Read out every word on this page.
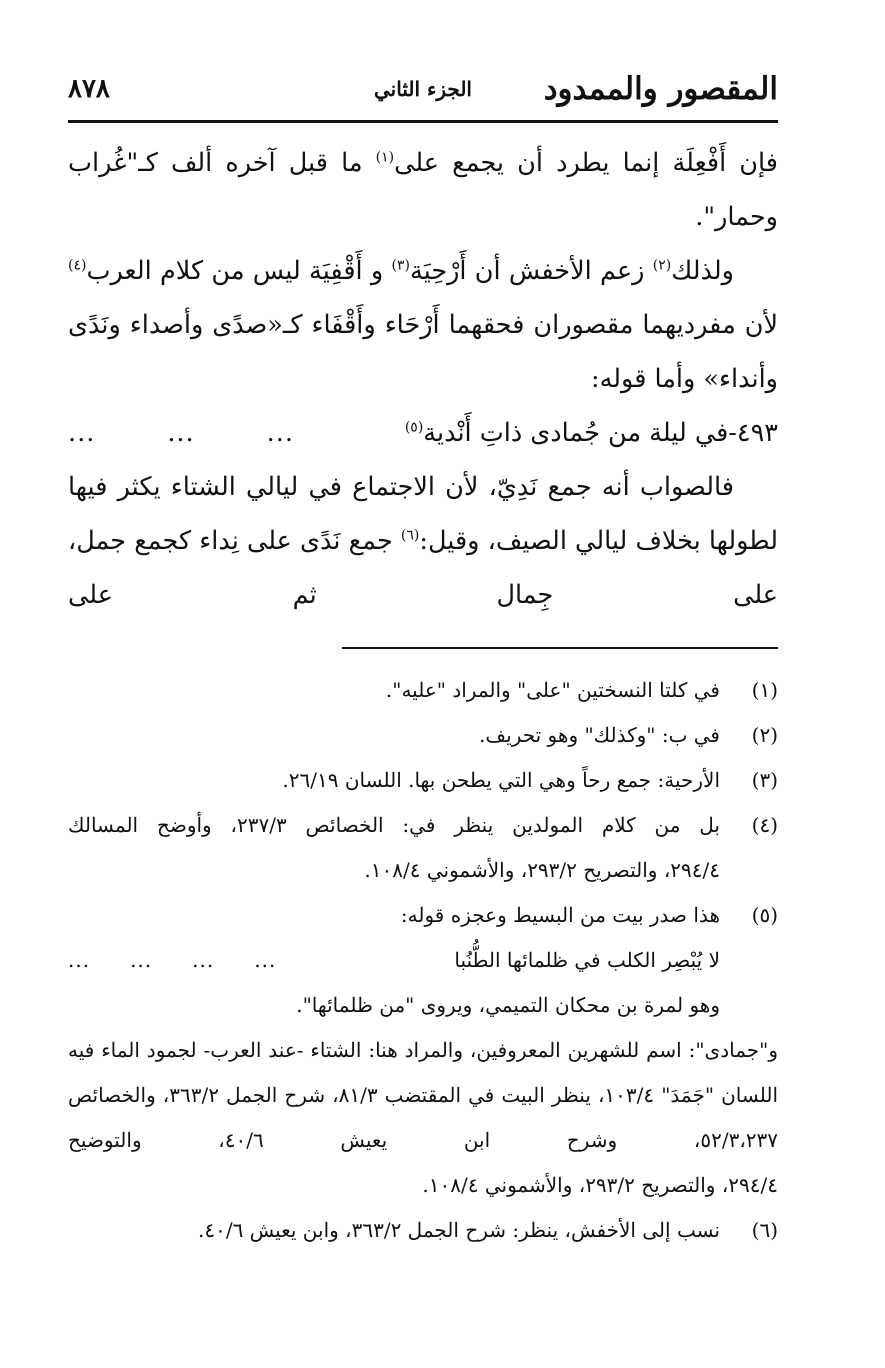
المقصور والممدود
الجزء الثاني
٨٧٨

فإن أَفْعِلَة إنما يطرد أن يجمع على$^{(١)}$ ما قبل آخره ألف كـ"غُراب وحمار".

ولذلك$^{(٢)}$ زعم الأخفش أن أَرْحِيَة$^{(٣)}$ و أَقْفِيَة ليس من كلام العرب$^{(٤)}$ لأن مفرديهما مقصوران فحقهما أَرْحَاء وأَقْفَاء كـ«صدًى وأصداء ونَدًى وأنداء» وأما قوله:

٤٩٣-في ليلة من جُمادى ذاتِ أَنْدية$^{(٥)}$
...	...	...

فالصواب أنه جمع نَدِيّ، لأن الاجتماع في ليالي الشتاء يكثر فيها لطولها بخلاف ليالي الصيف، وقيل:$^{(٦)}$ جمع نَدًى على نِداء كجمع جمل، على جِمال ثم على

(١)
في كلتا النسختين "على" والمراد "عليه".
(٢)
في ب: "وكذلك" وهو تحريف.
(٣)
الأرحية: جمع رحاً وهي التي يطحن بها. اللسان ٢٦/١٩.
(٤)
بل من كلام المولدين ينظر في: الخصائص ٢٣٧/٣، وأوضح المسالك
٢٩٤/٤، والتصريح ٢٩٣/٢، والأشموني ١٠٨/٤.
(٥)
هذا صدر بيت من البسيط وعجزه قوله:
لا يُبْصِر الكلب في ظلمائها الطُّنُبا
... ... ... ...
وهو لمرة بن محكان التميمي، ويروى "من ظلمائها".
و"جمادى": اسم للشهرين المعروفين، والمراد هنا: الشتاء -عند العرب- لجمود الماء فيه اللسان "جَمَدَ" ١٠٣/٤، ينظر البيت في المقتضب ٨١/٣، شرح الجمل ٣٦٣/٢، والخصائص ٥٢/٣،٢٣٧، وشرح ابن يعيش ٤٠/٦، والتوضيح
٢٩٤/٤، والتصريح ٢٩٣/٢، والأشموني ١٠٨/٤.
(٦)
نسب إلى الأخفش، ينظر: شرح الجمل ٣٦٣/٢، وابن يعيش ٤٠/٦.
